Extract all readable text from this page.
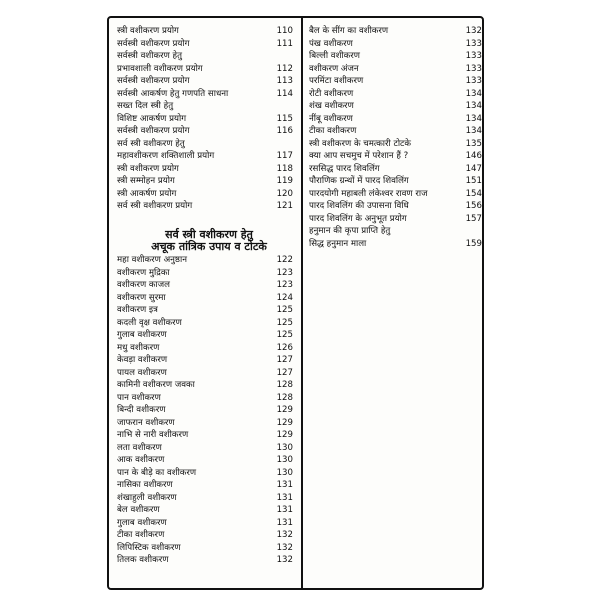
स्त्री वशीकरण प्रयोग	110
सर्वस्त्री वशीकरण प्रयोग	111
सर्वस्त्री वशीकरण हेतु
प्रभावशाली वशीकरण प्रयोग	112
सर्वस्त्री वशीकरण प्रयोग	113
सर्वस्त्री आकर्षण हेतु गणपति साधना	114
सख्त दिल स्त्री हेतु
विशिष्ट आकर्षण प्रयोग	115
सर्वस्त्री वशीकरण प्रयोग	116
सर्व स्त्री वशीकरण हेतु
महावशीकरण शक्तिशाली प्रयोग	117
स्त्री वशीकरण प्रयोग	118
स्त्री सम्मोहन प्रयोग	119
स्त्री आकर्षण प्रयोग	120
सर्व स्त्री वशीकरण प्रयोग	121
सर्व स्त्री वशीकरण हेतु
अचूक तांत्रिक उपाय व टोटके
महा वशीकरण अनुष्ठान	122
वशीकरण मुद्रिका	123
वशीकरण काजल	123
वशीकरण सुरमा	124
वशीकरण इत्र	125
कदली वृक्ष वशीकरण	125
गुलाब वशीकरण	125
मधु वशीकरण	126
केवड़ा वशीकरण	127
पायल वशीकरण	127
कामिनी वशीकरण जवका	128
पान वशीकरण	128
बिन्दी वशीकरण	129
जाफरान वशीकरण	129
नाभि से नारी वशीकरण	129
लता वशीकरण	130
आक वशीकरण	130
पान के बीड़े का वशीकरण	130
नासिका वशीकरण	131
शंखाहुली वशीकरण	131
बेल वशीकरण	131
गुलाब वशीकरण	131
टीका वशीकरण	132
लिपिस्टिक वशीकरण	132
तिलक वशीकरण	132
बैल के सींग का वशीकरण	132
पंख वशीकरण	133
बिल्ली वशीकरण	133
वशीकरण अंजन	133
परमिंटा वशीकरण	133
रोटी वशीकरण	134
शंख वशीकरण	134
नींबू वशीकरण	134
टीका वशीकरण	134
स्त्री वशीकरण के चमत्कारी टोटके	135
क्या आप सचमुच में परेशान हैं ?	146
रससिद्ध पारद शिवलिंग	147
पौराणिक ग्रन्थों में पारद शिवलिंग	151
पारदयोगी महाबली लंकेश्वर रावण राज	154
पारद शिवलिंग की उपासना विधि	156
पारद शिवलिंग के अनुभूत प्रयोग	157
हनुमान की कृपा प्राप्ति हेतु
सिद्ध हनुमान माला	159
